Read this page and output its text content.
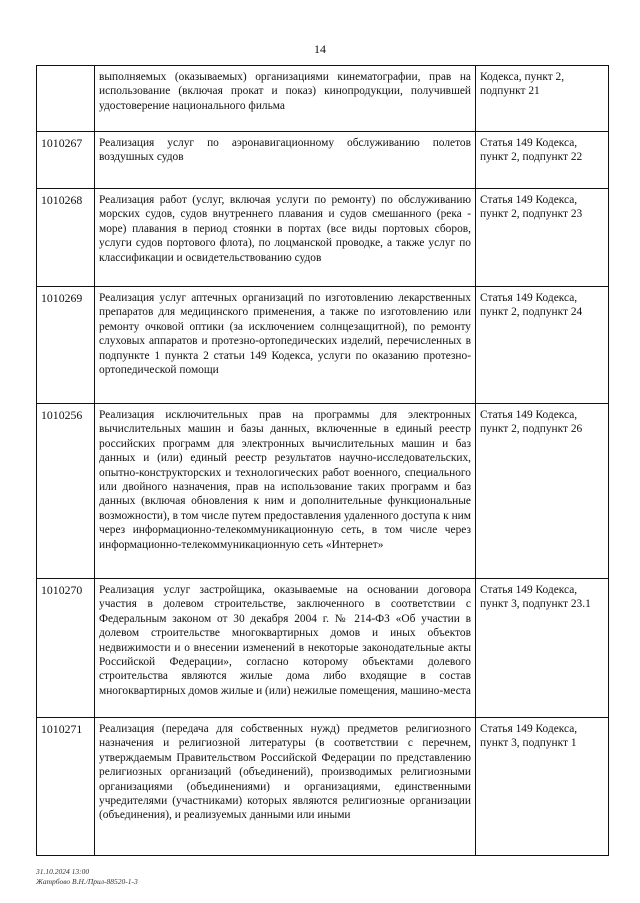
14
	выполняемых (оказываемых) организациями кинематографии, прав на использование (включая прокат и показ) кинопродукции, получившей удостоверение национального фильма	Кодекса, пункт 2, подпункт 21
1010267	Реализация услуг по аэронавигационному обслуживанию полетов воздушных судов	Статья 149 Кодекса, пункт 2, подпункт 22
1010268	Реализация работ (услуг, включая услуги по ремонту) по обслуживанию морских судов, судов внутреннего плавания и судов смешанного (река - море) плавания в период стоянки в портах (все виды портовых сборов, услуги судов портового флота), по лоцманской проводке, а также услуг по классификации и освидетельствованию судов	Статья 149 Кодекса, пункт 2, подпункт 23
1010269	Реализация услуг аптечных организаций по изготовлению лекарственных препаратов для медицинского применения, а также по изготовлению или ремонту очковой оптики (за исключением солнцезащитной), по ремонту слуховых аппаратов и протезно-ортопедических изделий, перечисленных в подпункте 1 пункта 2 статьи 149 Кодекса, услуги по оказанию протезно-ортопедической помощи	Статья 149 Кодекса, пункт 2, подпункт 24
1010256	Реализация исключительных прав на программы для электронных вычислительных машин и базы данных, включенные в единый реестр российских программ для электронных вычислительных машин и баз данных и (или) единый реестр результатов научно-исследовательских, опытно-конструкторских и технологических работ военного, специального или двойного назначения, прав на использование таких программ и баз данных (включая обновления к ним и дополнительные функциональные возможности), в том числе путем предоставления удаленного доступа к ним через информационно-телекоммуникационную сеть, в том числе через информационно-телекоммуникационную сеть «Интернет»	Статья 149 Кодекса, пункт 2, подпункт 26
1010270	Реализация услуг застройщика, оказываемые на основании договора участия в долевом строительстве, заключенного в соответствии с Федеральным законом от 30 декабря 2004 г. № 214-ФЗ «Об участии в долевом строительстве многоквартирных домов и иных объектов недвижимости и о внесении изменений в некоторые законодательные акты Российской Федерации», согласно которому объектами долевого строительства являются жилые дома либо входящие в состав многоквартирных домов жилые и (или) нежилые помещения, машино-места	Статья 149 Кодекса, пункт 3, подпункт 23.1
1010271	Реализация (передача для собственных нужд) предметов религиозного назначения и религиозной литературы (в соответствии с перечнем, утверждаемым Правительством Российской Федерации по представлению религиозных организаций (объединений), производимых религиозными организациями (объединениями) и организациями, единственными учредителями (участниками) которых являются религиозные организации (объединения), и реализуемых данными или иными	Статья 149 Кодекса, пункт 3, подпункт 1
31.10.2024 13:00
Жатрбово В.Н./Прил-88520-1-3
